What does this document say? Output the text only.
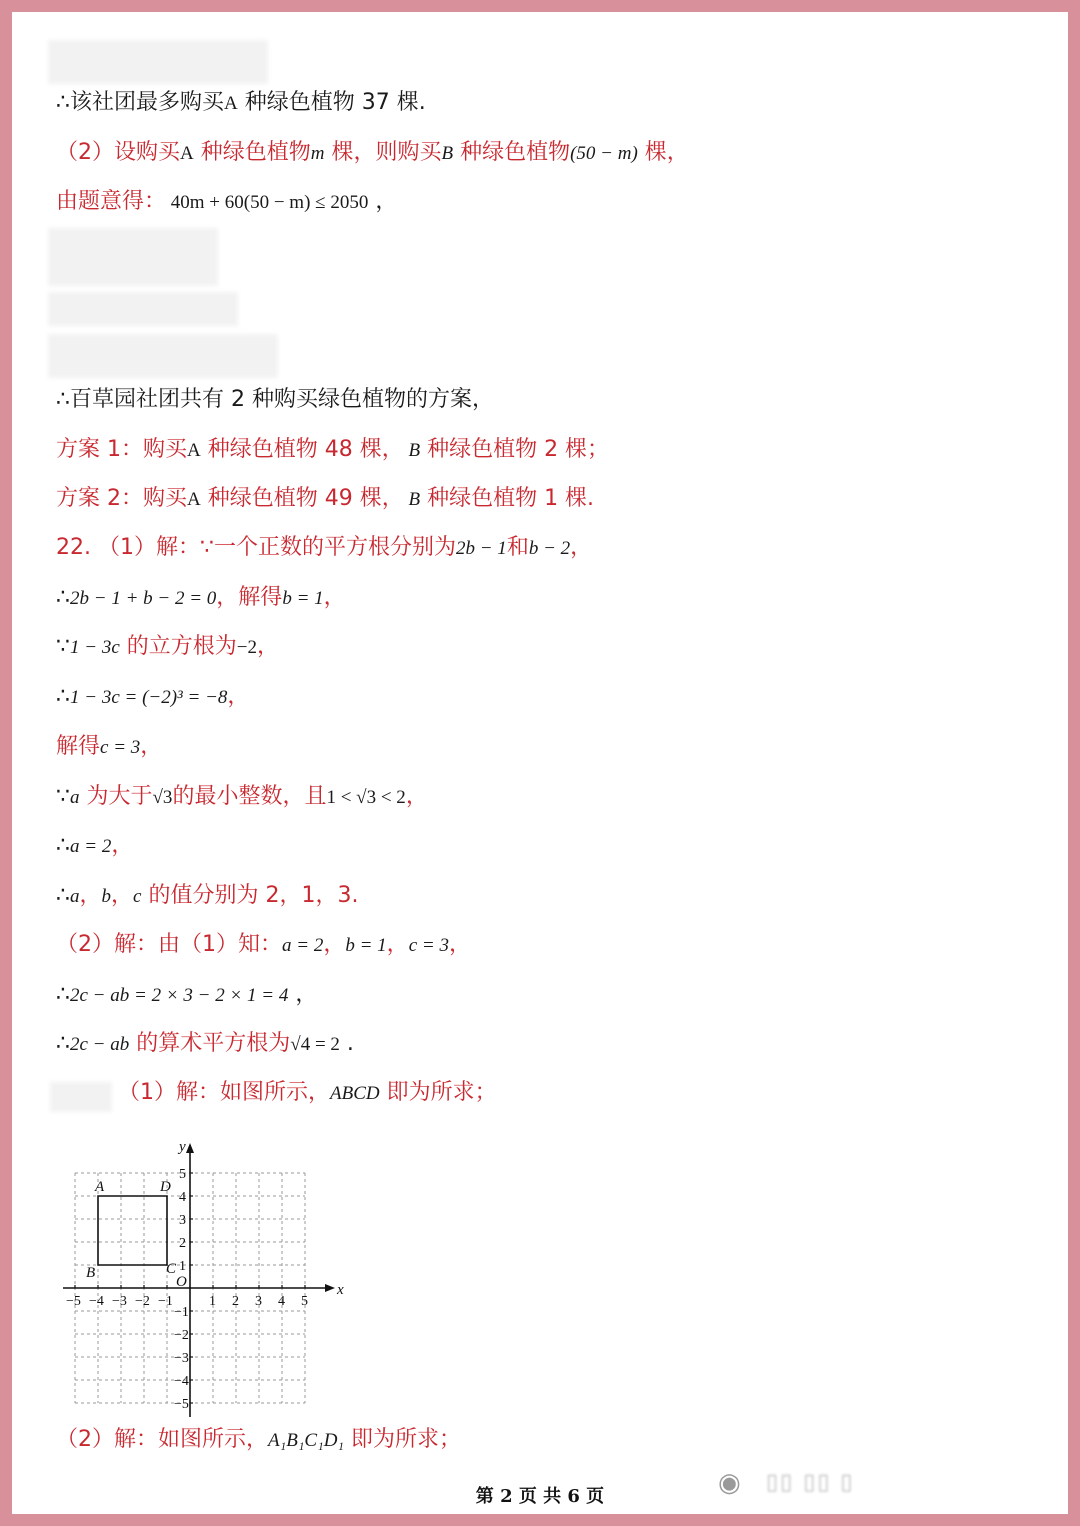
∴该社团最多购买A 种绿色植物 37 棵.
（2）设购买A 种绿色植物m 棵，则购买B 种绿色植物(50 − m) 棵，
由题意得： 40m + 60(50 − m) ≤ 2050 ，
∴百草园社团共有 2 种购买绿色植物的方案，
方案 1：购买A 种绿色植物 48 棵， B 种绿色植物 2 棵；
方案 2：购买A 种绿色植物 49 棵， B 种绿色植物 1 棵.
22. （1）解：∵一个正数的平方根分别为2b − 1和b − 2，
∴2b − 1 + b − 2 = 0，解得b = 1，
∵1 − 3c 的立方根为−2，
∴1 − 3c = (−2)³ = −8，
解得c = 3，
∵a 为大于√3的最小整数，且1 < √3 < 2，
∴a = 2，
∴a，b，c 的值分别为 2，1，3.
（2）解：由（1）知：a = 2，b = 1，c = 3，
∴2c − ab = 2 × 3 − 2 × 1 = 4 ，
∴2c − ab 的算术平方根为√4 = 2 .
（1）解：如图所示，ABCD 即为所求；
（2）解：如图所示，A₁B₁C₁D₁ 即为所求；
x
y
O
−5 −4 −3 −2 −1	1 2 3 4 5
5
4
3
2
1
−1
−2
−3
−4
−5
A	D
C
B
第 2 页 共 6 页	◉ ▯▯ ▯▯ ▯
